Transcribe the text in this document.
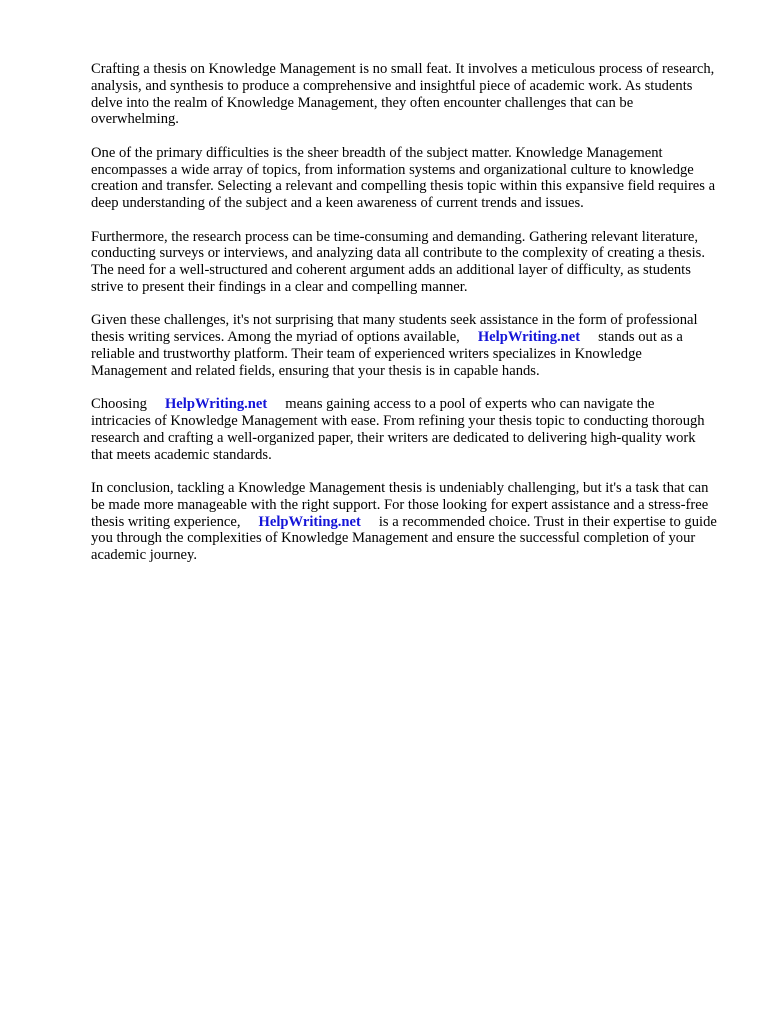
Crafting a thesis on Knowledge Management is no small feat. It involves a meticulous process of research, analysis, and synthesis to produce a comprehensive and insightful piece of academic work. As students delve into the realm of Knowledge Management, they often encounter challenges that can be overwhelming.

One of the primary difficulties is the sheer breadth of the subject matter. Knowledge Management encompasses a wide array of topics, from information systems and organizational culture to knowledge creation and transfer. Selecting a relevant and compelling thesis topic within this expansive field requires a deep understanding of the subject and a keen awareness of current trends and issues.

Furthermore, the research process can be time-consuming and demanding. Gathering relevant literature, conducting surveys or interviews, and analyzing data all contribute to the complexity of creating a thesis. The need for a well-structured and coherent argument adds an additional layer of difficulty, as students strive to present their findings in a clear and compelling manner.

Given these challenges, it's not surprising that many students seek assistance in the form of professional thesis writing services. Among the myriad of options available, HelpWriting.net stands out as a reliable and trustworthy platform. Their team of experienced writers specializes in Knowledge Management and related fields, ensuring that your thesis is in capable hands.

Choosing HelpWriting.net means gaining access to a pool of experts who can navigate the intricacies of Knowledge Management with ease. From refining your thesis topic to conducting thorough research and crafting a well-organized paper, their writers are dedicated to delivering high-quality work that meets academic standards.

In conclusion, tackling a Knowledge Management thesis is undeniably challenging, but it's a task that can be made more manageable with the right support. For those looking for expert assistance and a stress-free thesis writing experience, HelpWriting.net is a recommended choice. Trust in their expertise to guide you through the complexities of Knowledge Management and ensure the successful completion of your academic journey.
